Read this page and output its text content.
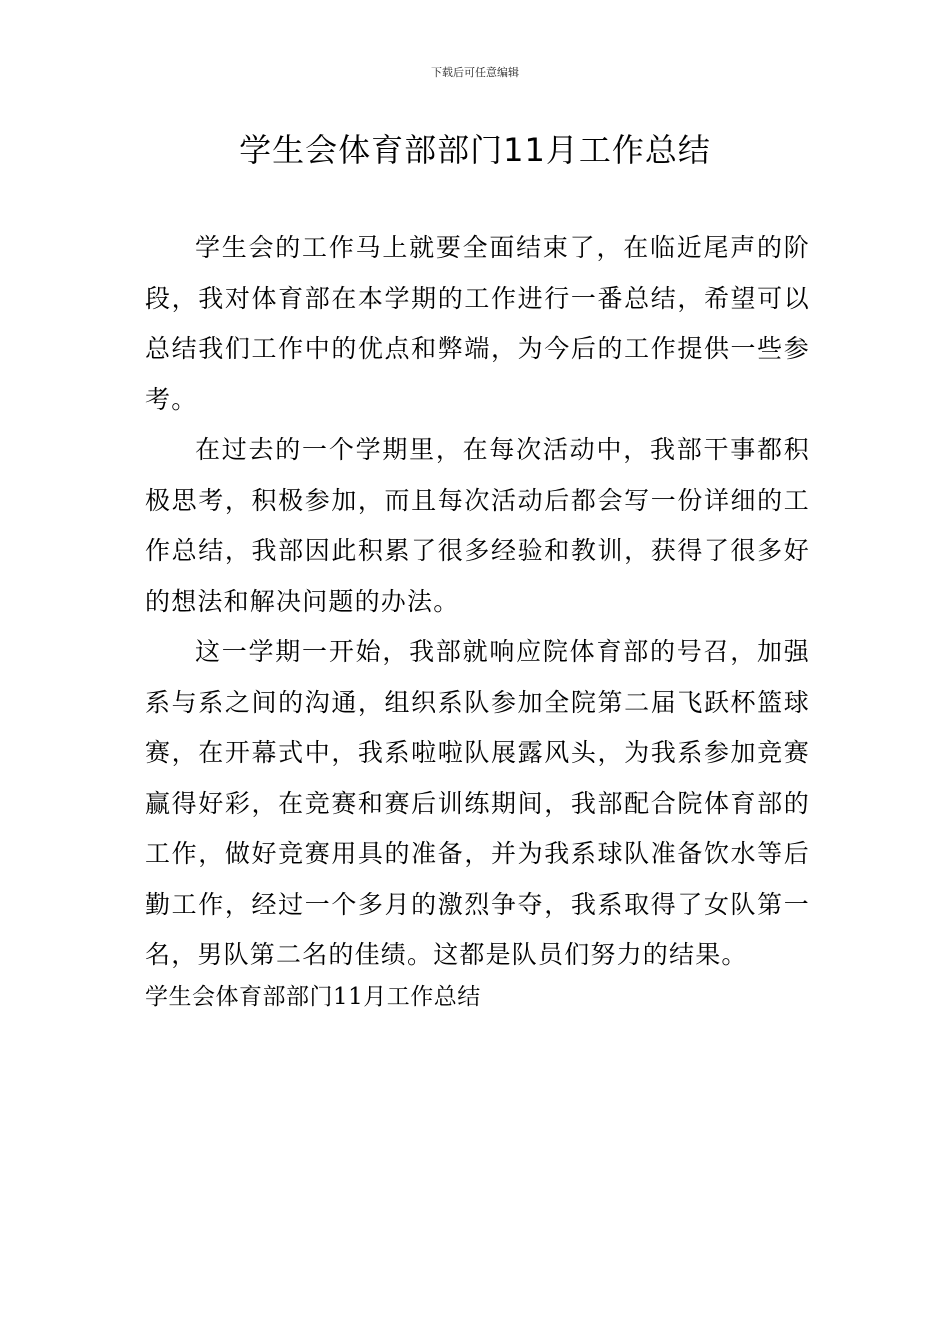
下载后可任意编辑
学生会体育部部门11月工作总结

学生会的工作马上就要全面结束了，在临近尾声的阶段，我对体育部在本学期的工作进行一番总结，希望可以总结我们工作中的优点和弊端，为今后的工作提供一些参考。

在过去的一个学期里，在每次活动中，我部干事都积极思考，积极参加，而且每次活动后都会写一份详细的工作总结，我部因此积累了很多经验和教训，获得了很多好的想法和解决问题的办法。

这一学期一开始，我部就响应院体育部的号召，加强系与系之间的沟通，组织系队参加全院第二届飞跃杯篮球赛，在开幕式中，我系啦啦队展露风头，为我系参加竞赛赢得好彩，在竞赛和赛后训练期间，我部配合院体育部的工作，做好竞赛用具的准备，并为我系球队准备饮水等后勤工作，经过一个多月的激烈争夺，我系取得了女队第一名，男队第二名的佳绩。这都是队员们努力的结果。

学生会体育部部门11月工作总结
